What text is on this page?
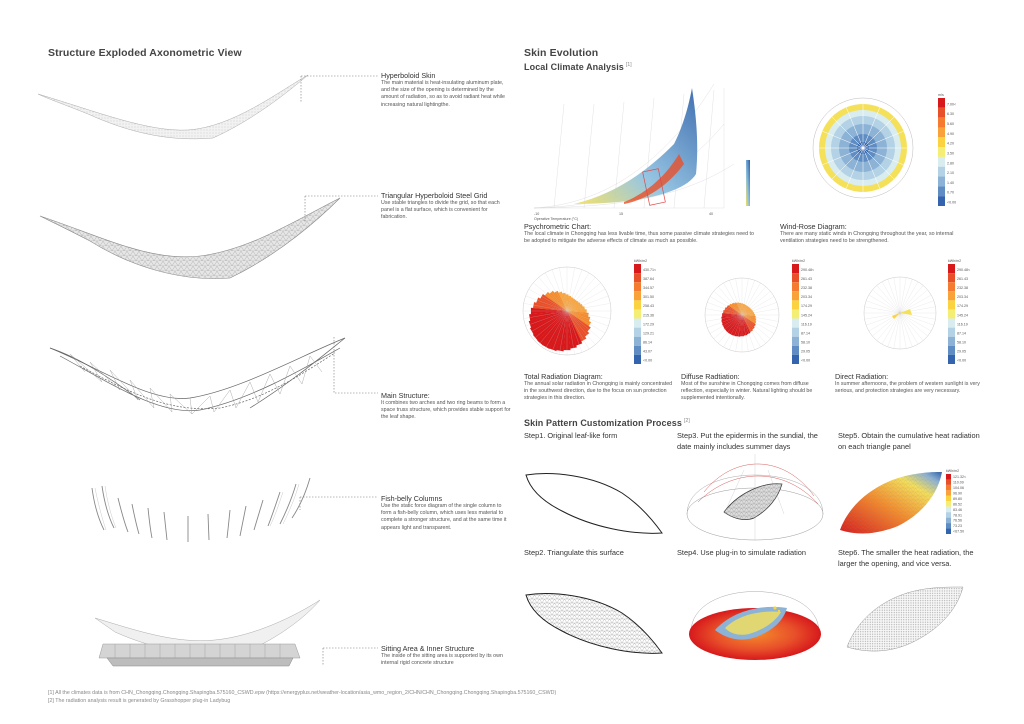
Structure Exploded Axonometric View
Hyperboloid Skin
The main material is heat-insulating aluminum plate, and the size of the opening is determined by the amount of radiation, so as to avoid radiant heat while increasing natural lightingthe.
Triangular Hyperboloid Steel Grid
Use stable triangles to divide the grid, so that each panel is a flat surface, which is convenient for fabrication.
Main Structure:
It combines two arches and two ring beams to form a space truss structure, which provides stable support for the leaf shape.
Fish-belly Columns
Use the static force diagram of the single column to form a fish-belly column, which uses less material to complete a stronger structure, and at the same time it appears light and transparent.
Sitting Area & Inner Structure
The inside of the sitting area is supported by its own internal rigid concrete structure
Skin Evolution
Local Climate Analysis [1]
-10	15	40
Operative Temperature (°C)
Psychrometric Chart:
The local climate in Chongqing has less livable time, thus some passive climate strategies need to be adopted to mitigate the adverse effects of climate as much as possible.
m/s
7.00<
6.30
5.60
4.90
4.20
3.50
2.80
2.10
1.40
0.70
<0.00
Wind-Rose Diagram:
There are many static winds in Chongqing throughout the year, so internal ventilation strategies need to be strengthened.
kWh/m2
430.71<
387.64
344.57
301.50
258.43
215.36
172.29
129.21
86.14
43.07
<0.00
kWh/m2
290.48<
261.43
232.38
203.34
174.29
145.24
116.19
87.14
58.10
29.05
<0.00
kWh/m2
290.48<
261.43
232.38
203.34
174.29
145.24
116.19
87.14
58.10
29.05
<0.00
Total Radiation Diagram:
The annual solar radiation in Chongqing is mainly concentrated in the southwest direction, due to the focus on sun protection strategies in this direction.
Diffuse Radtiation:
Most of the sunshine in Chongqing comes from diffuse reflection, especially in winter. Natural lighting should be supplemented intentionally.
Direct Radiation:
In summer afternoons, the problem of western sunlight is very serious, and protection strategies are very necessary.
Skin Pattern Customization Process [2]
Step1. Original leaf-like form
Step2. Triangulate this surface
Step3. Put the epidermis in the sundial, the date mainly includes summer days
Step4. Use plug-in to simulate radiation
Step5. Obtain the cumulative heat radiation on each triangle panel
Step6. The smaller the heat radiation, the larger the opening, and vice versa.
kWh/m2
121.32<
110.09
104.06
96.90
89.80
86.52
83.46
78.91
76.56
73.23
<67.50
[1] All the climates data is from CHN_Chongqing.Chongqing.Shapingba.575160_CSWD.epw (https://energyplus.net/weather-location/asia_wmo_region_2/CHN/CHN_Chongqing.Chongqing.Shapingba.575160_CSWD)
[2] The radiation analysis result is generated by Grasshopper plug-in Ladybug
